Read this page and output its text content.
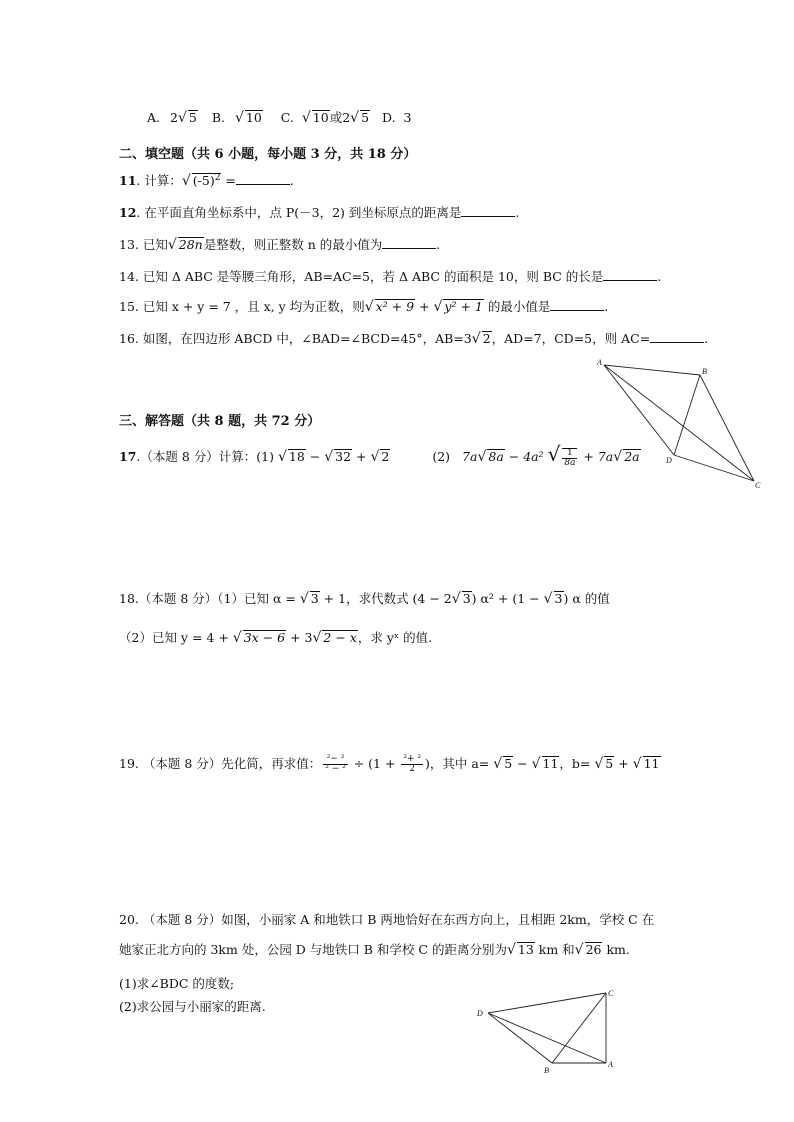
A. 2√ 5 B. √ 10 C. √ 10或2√ 5 D. 3
二、填空题（共 6 小题，每小题 3 分，共 18 分）
11. 计算：√ $(-5)^2$ =	.
12. 在平面直角坐标系中，点 P(－3，2) 到坐标原点的距离是	.
13. 已知√ 28n是整数，则正整数 n 的最小值为	.
14. 已知 Δ ABC 是等腰三角形，AB=AC=5，若 Δ ABC 的面积是 10，则 BC 的长是	.
15. 已知 x + y = 7 ，且 x, y 均为正数，则√ x² + 9 + √ y² + 1 的最小值是	.
16. 如图，在四边形 ABCD 中，∠BAD=∠BCD=45°，AB=3√ 2，AD=7，CD=5，则 AC=	.
A
B
C
D
三、解答题（共 8 题，共 72 分）
17.（本题 8 分）计算：(1) √ 18 − √ 32 + √ 2	(2) 7a√ 8a − 4a² √ $\frac{1}{8a} + 7a√$ 2a
18.（本题 8 分）（1）已知 α = √ 3 + 1，求代数式 (4 − 2√ 3) α² + (1 − √ 3) α 的值
（2）已知 y = 4 + √ 3x − 6 + 3√ 2 − x，求 yˣ 的值.
19. （本题 8 分）先化简，再求值： $\frac{\text{²− ²}}{\text{² − ²}} \div (1 + \frac{\text{²+ ²}}{2}$ )，其中 a= √ 5 − √ 11，b= √ 5 + √ 11
20. （本题 8 分）如图，小丽家 A 和地铁口 B 两地恰好在东西方向上，且相距 2km，学校 C 在
她家正北方向的 3km 处，公园 D 与地铁口 B 和学校 C 的距离分别为√ 13 km 和√ 26 km.
(1)求∠BDC 的度数;
(2)求公园与小丽家的距离.
C
D
B
A
